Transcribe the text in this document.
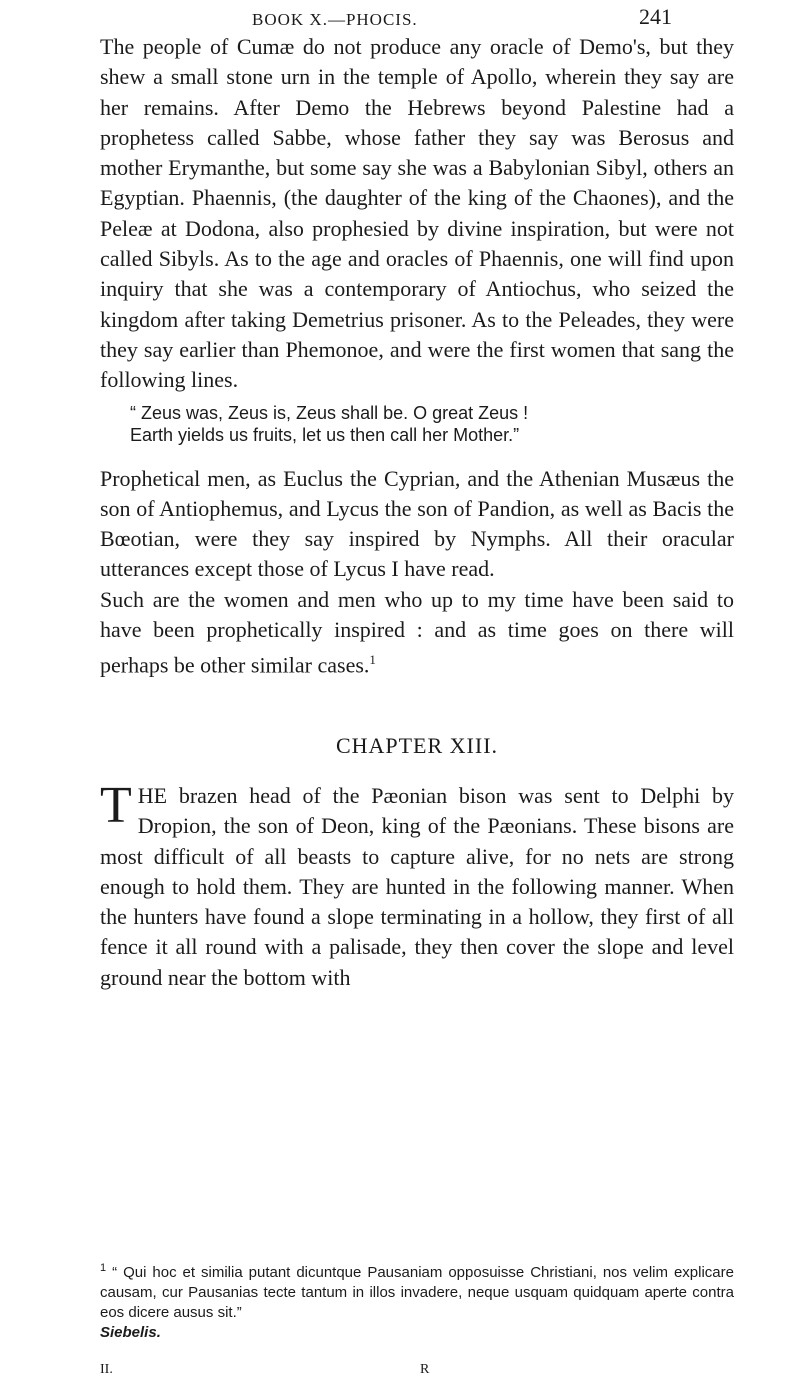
BOOK X.—PHOCIS.	241

The people of Cumæ do not produce any oracle of Demo's, but they shew a small stone urn in the temple of Apollo, wherein they say are her remains. After Demo the Hebrews beyond Palestine had a prophetess called Sabbe, whose father they say was Berosus and mother Erymanthe, but some say she was a Babylonian Sibyl, others an Egyptian. Phaennis, (the daughter of the king of the Chaones), and the Peleæ at Dodona, also prophesied by divine inspiration, but were not called Sibyls. As to the age and oracles of Phaennis, one will find upon inquiry that she was a contemporary of Antiochus, who seized the kingdom after taking Demetrius prisoner. As to the Peleades, they were they say earlier than Phemonoe, and were the first women that sang the following lines.

“ Zeus was, Zeus is, Zeus shall be. O great Zeus !
Earth yields us fruits, let us then call her Mother.”

Prophetical men, as Euclus the Cyprian, and the Athenian Musæus the son of Antiophemus, and Lycus the son of Pandion, as well as Bacis the Bœotian, were they say inspired by Nymphs. All their oracular utterances except those of Lycus I have read.

Such are the women and men who up to my time have been said to have been prophetically inspired : and as time goes on there will perhaps be other similar cases.$^1$

CHAPTER XIII.

THE brazen head of the Pæonian bison was sent to Delphi by Dropion, the son of Deon, king of the Pæonians. These bisons are most difficult of all beasts to capture alive, for no nets are strong enough to hold them. They are hunted in the following manner. When the hunters have found a slope terminating in a hollow, they first of all fence it all round with a palisade, they then cover the slope and level ground near the bottom with

$^1$ “ Qui hoc et similia putant dicuntque Pausaniam opposuisse Christiani, nos velim explicare causam, cur Pausanias tecte tantum in illos invadere, neque usquam quidquam aperte contra eos dicere ausus sit.”
Siebelis.
II.	R
